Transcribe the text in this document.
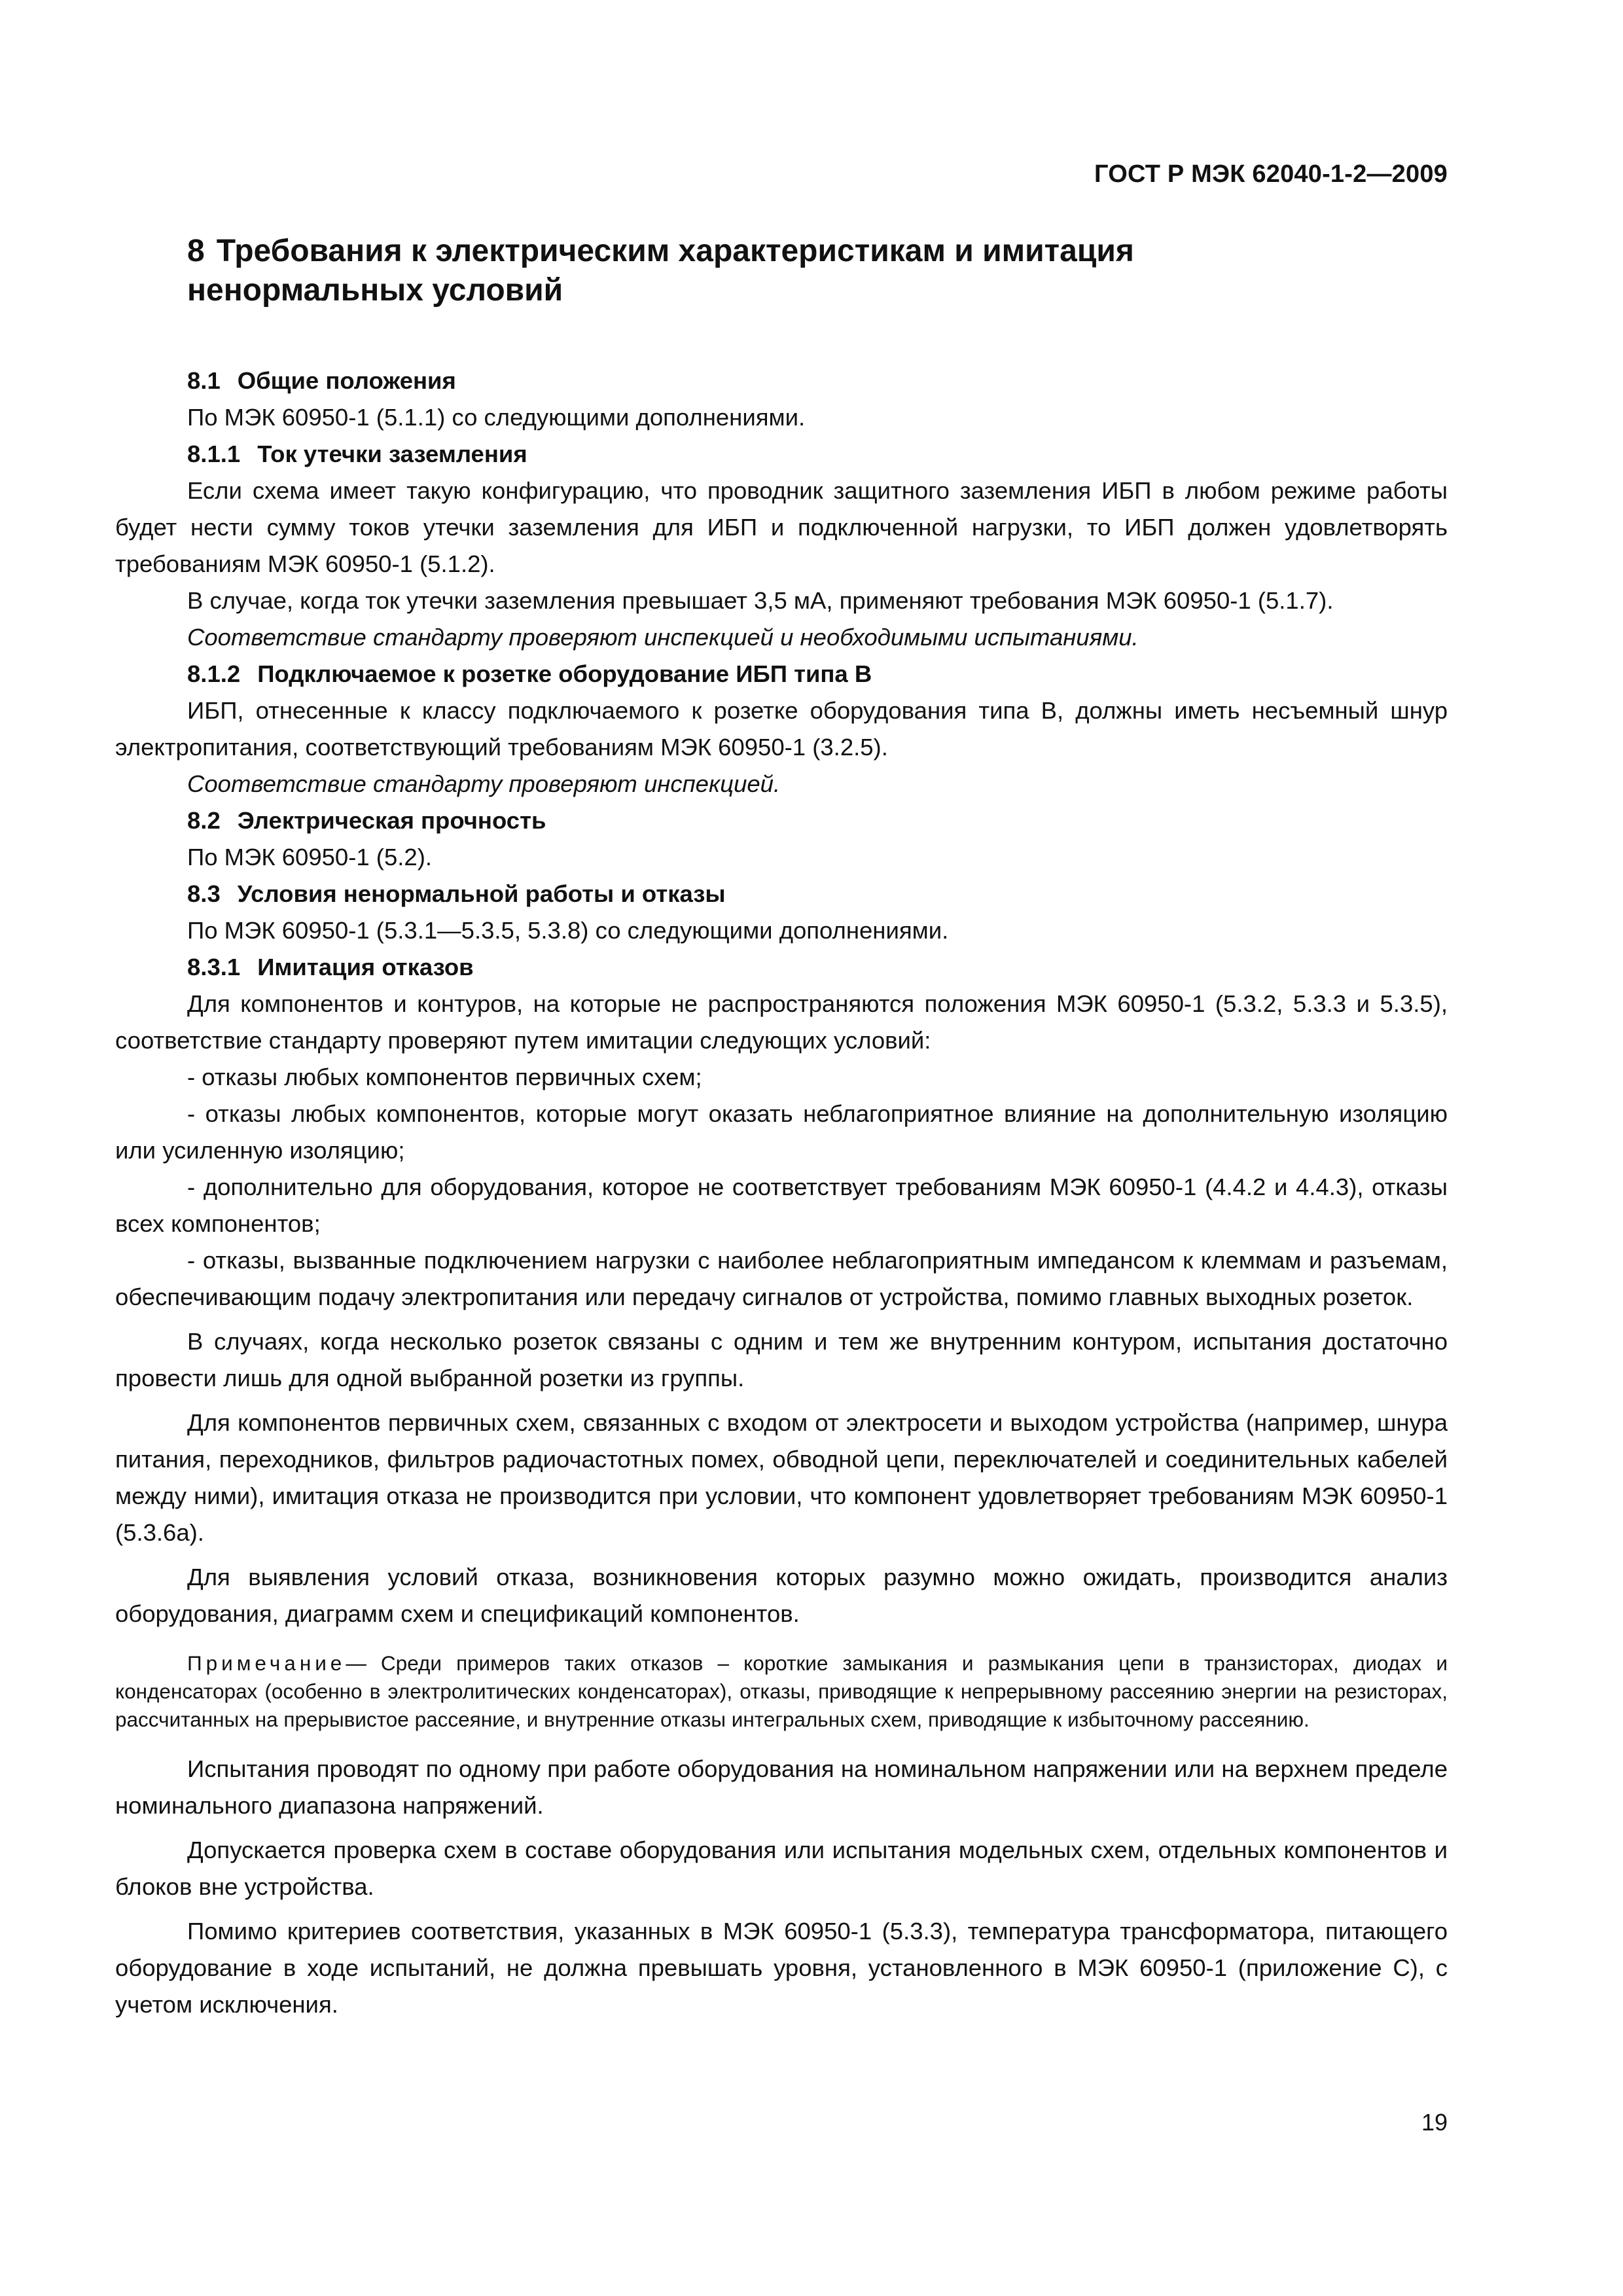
ГОСТ Р МЭК 62040-1-2—2009
8 Требования к электрическим характеристикам и имитация
ненормальных условий
8.1 Общие положения

По МЭК 60950-1 (5.1.1) со следующими дополнениями.

8.1.1 Ток утечки заземления

Если схема имеет такую конфигурацию, что проводник защитного заземления ИБП в любом режиме работы будет нести сумму токов утечки заземления для ИБП и подключенной нагрузки, то ИБП должен удовлетворять требованиям МЭК 60950-1 (5.1.2).

В случае, когда ток утечки заземления превышает 3,5 мА, применяют требования МЭК 60950-1 (5.1.7).

Соответствие стандарту проверяют инспекцией и необходимыми испытаниями.

8.1.2 Подключаемое к розетке оборудование ИБП типа В

ИБП, отнесенные к классу подключаемого к розетке оборудования типа В, должны иметь несъемный шнур электропитания, соответствующий требованиям МЭК 60950-1 (3.2.5).

Соответствие стандарту проверяют инспекцией.

8.2 Электрическая прочность

По МЭК 60950-1 (5.2).

8.3 Условия ненормальной работы и отказы

По МЭК 60950-1 (5.3.1—5.3.5, 5.3.8) со следующими дополнениями.

8.3.1 Имитация отказов

Для компонентов и контуров, на которые не распространяются положения МЭК 60950-1 (5.3.2, 5.3.3 и 5.3.5), соответствие стандарту проверяют путем имитации следующих условий:

- отказы любых компонентов первичных схем;

- отказы любых компонентов, которые могут оказать неблагоприятное влияние на дополнительную изоляцию или усиленную изоляцию;

- дополнительно для оборудования, которое не соответствует требованиям МЭК 60950-1 (4.4.2 и 4.4.3), отказы всех компонентов;

- отказы, вызванные подключением нагрузки с наиболее неблагоприятным импедансом к клеммам и разъемам, обеспечивающим подачу электропитания или передачу сигналов от устройства, помимо главных выходных розеток.

В случаях, когда несколько розеток связаны с одним и тем же внутренним контуром, испытания достаточно провести лишь для одной выбранной розетки из группы.

Для компонентов первичных схем, связанных с входом от электросети и выходом устройства (например, шнура питания, переходников, фильтров радиочастотных помех, обводной цепи, переключателей и соединительных кабелей между ними), имитация отказа не производится при условии, что компонент удовлетворяет требованиям МЭК 60950-1 (5.3.6а).

Для выявления условий отказа, возникновения которых разумно можно ожидать, производится анализ оборудования, диаграмм схем и спецификаций компонентов.

Примечание— Среди примеров таких отказов – короткие замыкания и размыкания цепи в транзисторах, диодах и конденсаторах (особенно в электролитических конденсаторах), отказы, приводящие к непрерывному рассеянию энергии на резисторах, рассчитанных на прерывистое рассеяние, и внутренние отказы интегральных схем, приводящие к избыточному рассеянию.

Испытания проводят по одному при работе оборудования на номинальном напряжении или на верхнем пределе номинального диапазона напряжений.

Допускается проверка схем в составе оборудования или испытания модельных схем, отдельных компонентов и блоков вне устройства.

Помимо критериев соответствия, указанных в МЭК 60950-1 (5.3.3), температура трансформатора, питающего оборудование в ходе испытаний, не должна превышать уровня, установленного в МЭК 60950-1 (приложение С), с учетом исключения.

19
